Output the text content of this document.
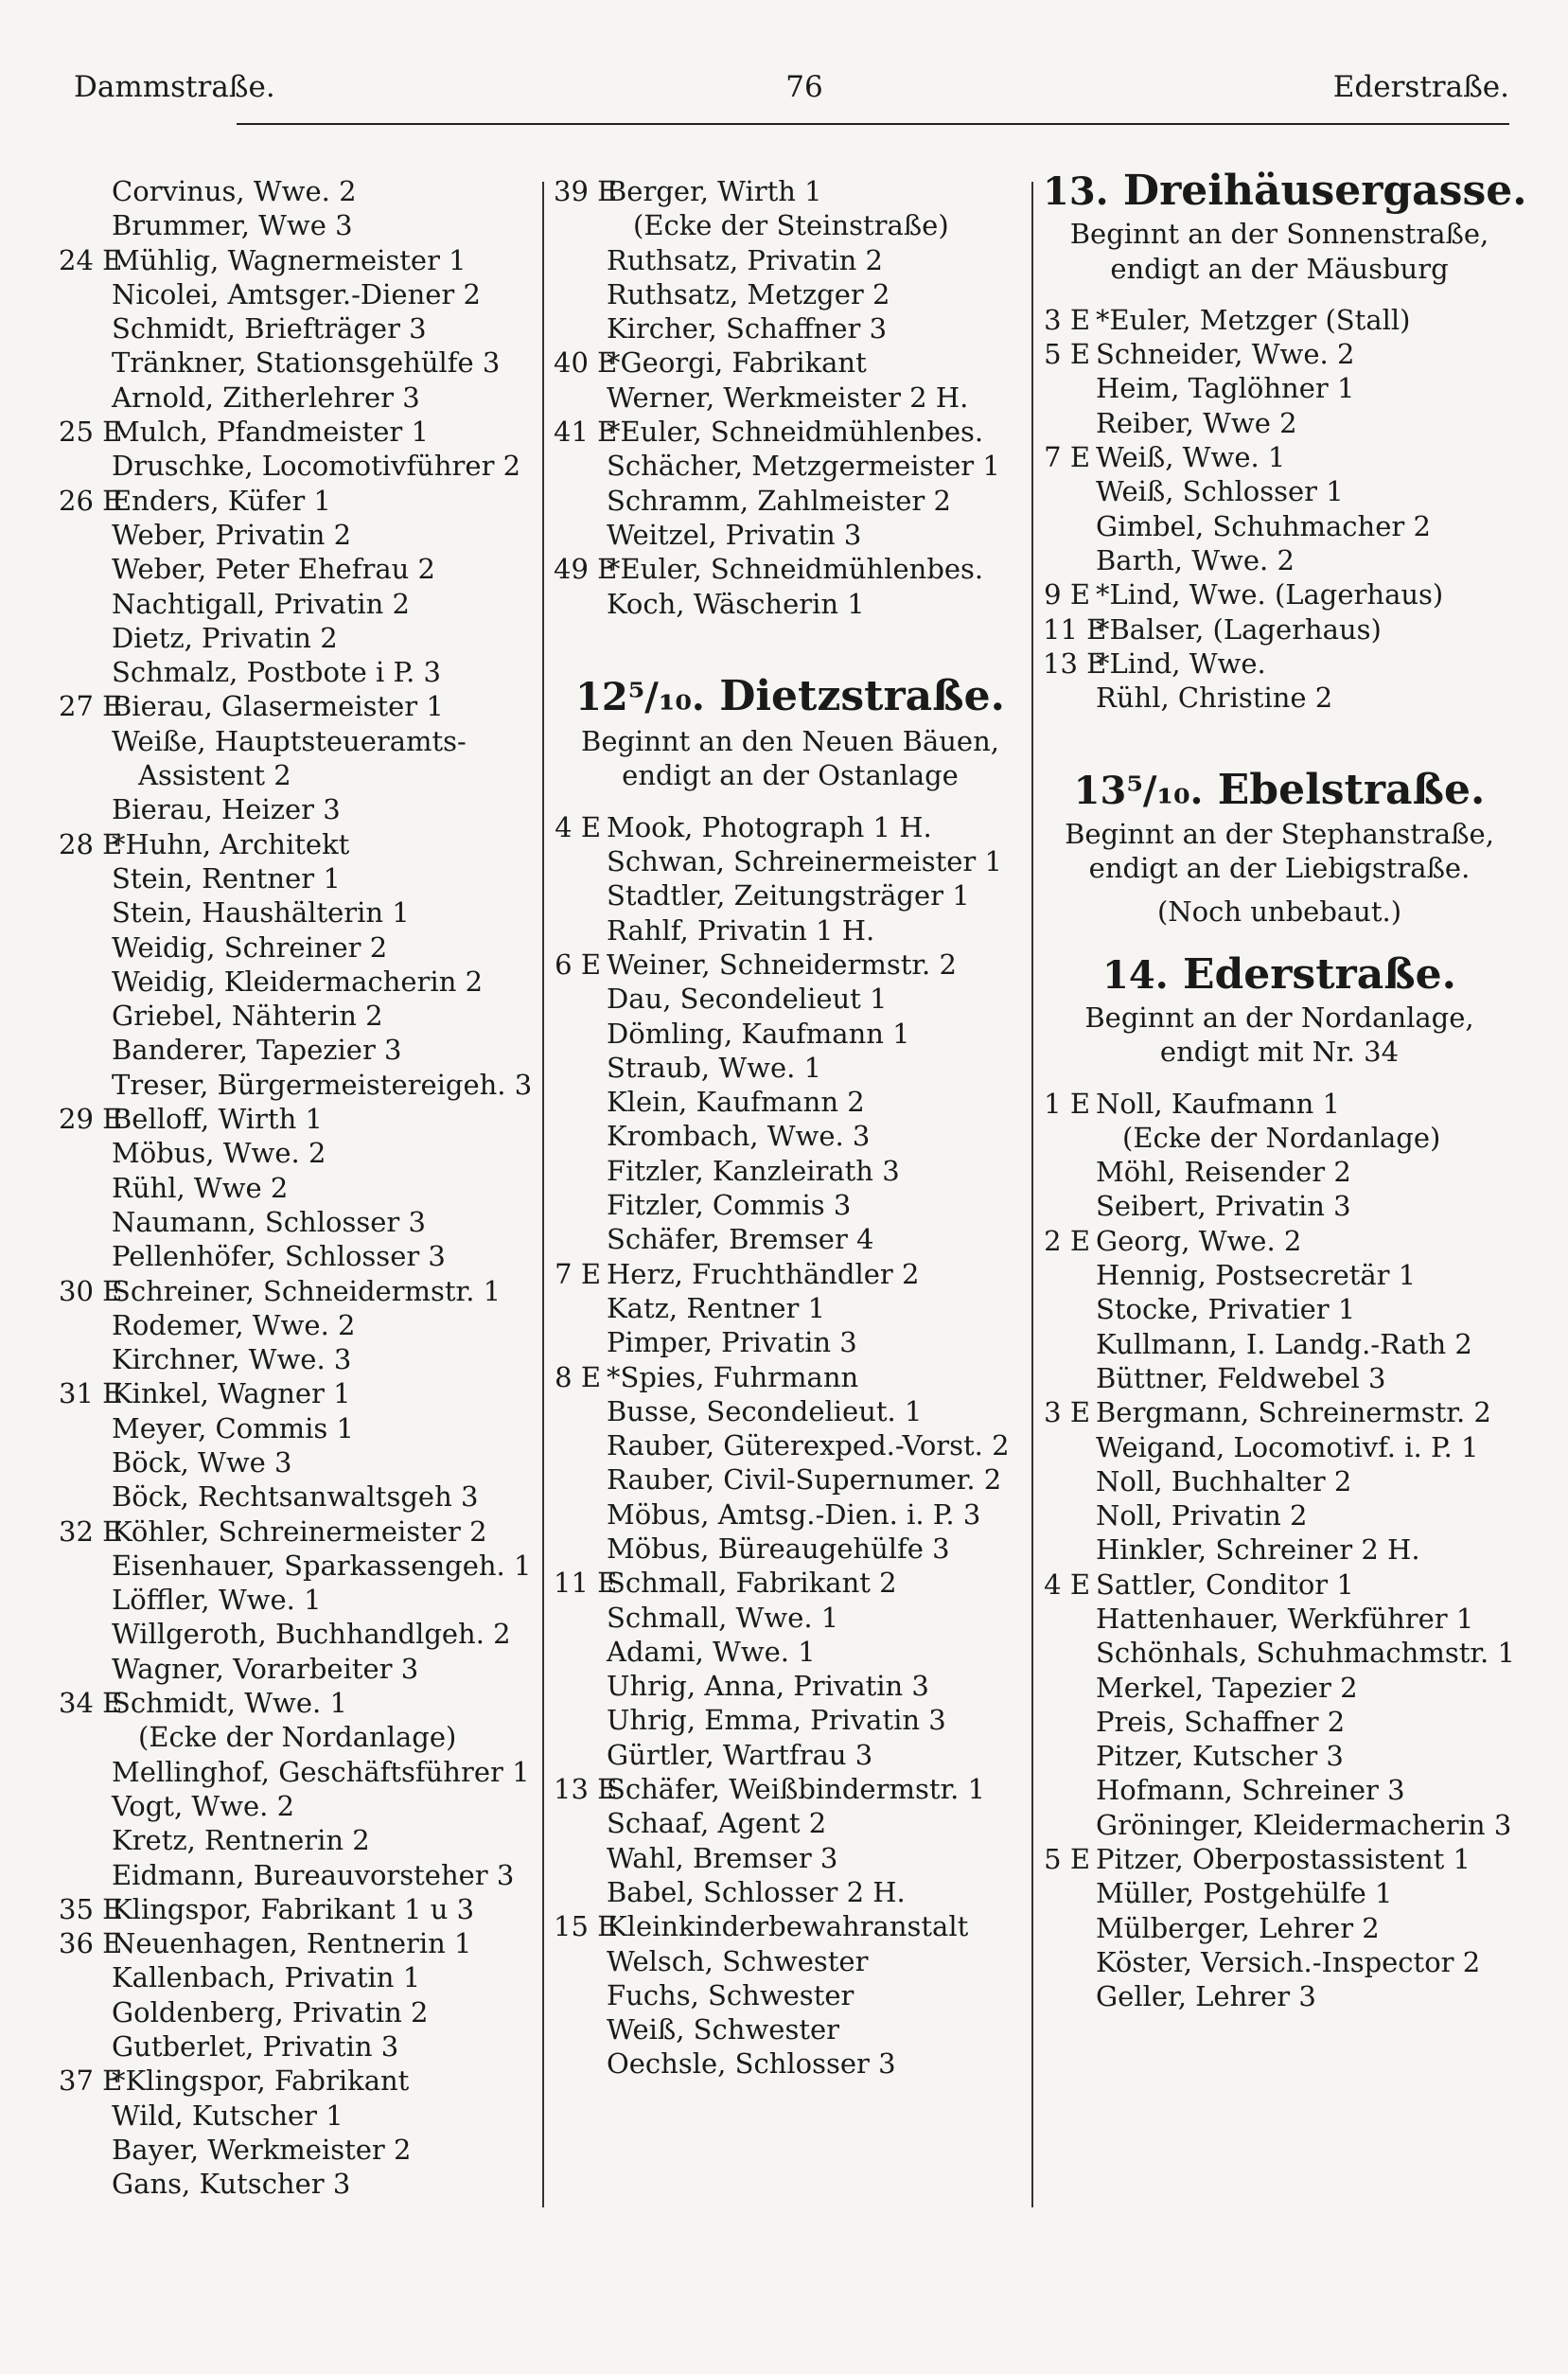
Dammstraße.	76	Ederstraße.
Corvinus, Wwe. 2
Brummer, Wwe 3
24 E
Mühlig, Wagnermeister 1
Nicolei, Amtsger.-Diener 2
Schmidt, Briefträger 3
Tränkner, Stationsgehülfe 3
Arnold, Zitherlehrer 3
25 E
Mulch, Pfandmeister 1
Druschke, Locomotivführer 2
26 E
Enders, Küfer 1
Weber, Privatin 2
Weber, Peter Ehefrau 2
Nachtigall, Privatin 2
Dietz, Privatin 2
Schmalz, Postbote i P. 3
27 E
Bierau, Glasermeister 1
Weiße, Hauptsteueramts-
Assistent 2
Bierau, Heizer 3
28 E
*Huhn, Architekt
Stein, Rentner 1
Stein, Haushälterin 1
Weidig, Schreiner 2
Weidig, Kleidermacherin 2
Griebel, Nähterin 2
Banderer, Tapezier 3
Treser, Bürgermeistereigeh. 3
29 E
Belloff, Wirth 1
Möbus, Wwe. 2
Rühl, Wwe 2
Naumann, Schlosser 3
Pellenhöfer, Schlosser 3
30 E
Schreiner, Schneidermstr. 1
Rodemer, Wwe. 2
Kirchner, Wwe. 3
31 E
Kinkel, Wagner 1
Meyer, Commis 1
Böck, Wwe 3
Böck, Rechtsanwaltsgeh 3
32 E
Köhler, Schreinermeister 2
Eisenhauer, Sparkassengeh. 1
Löffler, Wwe. 1
Willgeroth, Buchhandlgeh. 2
Wagner, Vorarbeiter 3
34 E
Schmidt, Wwe. 1
(Ecke der Nordanlage)
Mellinghof, Geschäftsführer 1
Vogt, Wwe. 2
Kretz, Rentnerin 2
Eidmann, Bureauvorsteher 3
35 E
Klingspor, Fabrikant 1 u 3
36 E
Neuenhagen, Rentnerin 1
Kallenbach, Privatin 1
Goldenberg, Privatin 2
Gutberlet, Privatin 3
37 E
*Klingspor, Fabrikant
Wild, Kutscher 1
Bayer, Werkmeister 2
Gans, Kutscher 3
39 E
Berger, Wirth 1
(Ecke der Steinstraße)
Ruthsatz, Privatin 2
Ruthsatz, Metzger 2
Kircher, Schaffner 3
40 E
*Georgi, Fabrikant
Werner, Werkmeister 2 H.
41 E
*Euler, Schneidmühlenbes.
Schächer, Metzgermeister 1
Schramm, Zahlmeister 2
Weitzel, Privatin 3
49 E
*Euler, Schneidmühlenbes.
Koch, Wäscherin 1
12⁵/₁₀. Dietzstraße.
Beginnt an den Neuen Bäuen,
endigt an der Ostanlage
4 E Mook, Photograph 1 H.
Schwan, Schreinermeister 1
Stadtler, Zeitungsträger 1
Rahlf, Privatin 1 H.
6 E Weiner, Schneidermstr. 2
Dau, Secondelieut 1
Dömling, Kaufmann 1
Straub, Wwe. 1
Klein, Kaufmann 2
Krombach, Wwe. 3
Fitzler, Kanzleirath 3
Fitzler, Commis 3
Schäfer, Bremser 4
7 E Herz, Fruchthändler 2
Katz, Rentner 1
Pimper, Privatin 3
8 E *Spies, Fuhrmann
Busse, Secondelieut. 1
Rauber, Güterexped.-Vorst. 2
Rauber, Civil-Supernumer. 2
Möbus, Amtsg.-Dien. i. P. 3
Möbus, Büreaugehülfe 3
11 E
Schmall, Fabrikant 2
Schmall, Wwe. 1
Adami, Wwe. 1
Uhrig, Anna, Privatin 3
Uhrig, Emma, Privatin 3
Gürtler, Wartfrau 3
13 E
Schäfer, Weißbindermstr. 1
Schaaf, Agent 2
Wahl, Bremser 3
Babel, Schlosser 2 H.
15 E
Kleinkinderbewahranstalt
Welsch, Schwester
Fuchs, Schwester
Weiß, Schwester
Oechsle, Schlosser 3
13. Dreihäusergasse.
Beginnt an der Sonnenstraße,
endigt an der Mäusburg
3 E *Euler, Metzger (Stall)
5 E Schneider, Wwe. 2
Heim, Taglöhner 1
Reiber, Wwe 2
7 E Weiß, Wwe. 1
Weiß, Schlosser 1
Gimbel, Schuhmacher 2
Barth, Wwe. 2
9 E *Lind, Wwe. (Lagerhaus)
11 E
*Balser, (Lagerhaus)
13 E
*Lind, Wwe.
Rühl, Christine 2
13⁵/₁₀. Ebelstraße.
Beginnt an der Stephanstraße,
endigt an der Liebigstraße.
(Noch unbebaut.)
14. Ederstraße.
Beginnt an der Nordanlage,
endigt mit Nr. 34
1 E Noll, Kaufmann 1
(Ecke der Nordanlage)
Möhl, Reisender 2
Seibert, Privatin 3
2 E Georg, Wwe. 2
Hennig, Postsecretär 1
Stocke, Privatier 1
Kullmann, I. Landg.-Rath 2
Büttner, Feldwebel 3
3 E Bergmann, Schreinermstr. 2
Weigand, Locomotivf. i. P. 1
Noll, Buchhalter 2
Noll, Privatin 2
Hinkler, Schreiner 2 H.
4 E Sattler, Conditor 1
Hattenhauer, Werkführer 1
Schönhals, Schuhmachmstr. 1
Merkel, Tapezier 2
Preis, Schaffner 2
Pitzer, Kutscher 3
Hofmann, Schreiner 3
Gröninger, Kleidermacherin 3
5 E Pitzer, Oberpostassistent 1
Müller, Postgehülfe 1
Mülberger, Lehrer 2
Köster, Versich.-Inspector 2
Geller, Lehrer 3
